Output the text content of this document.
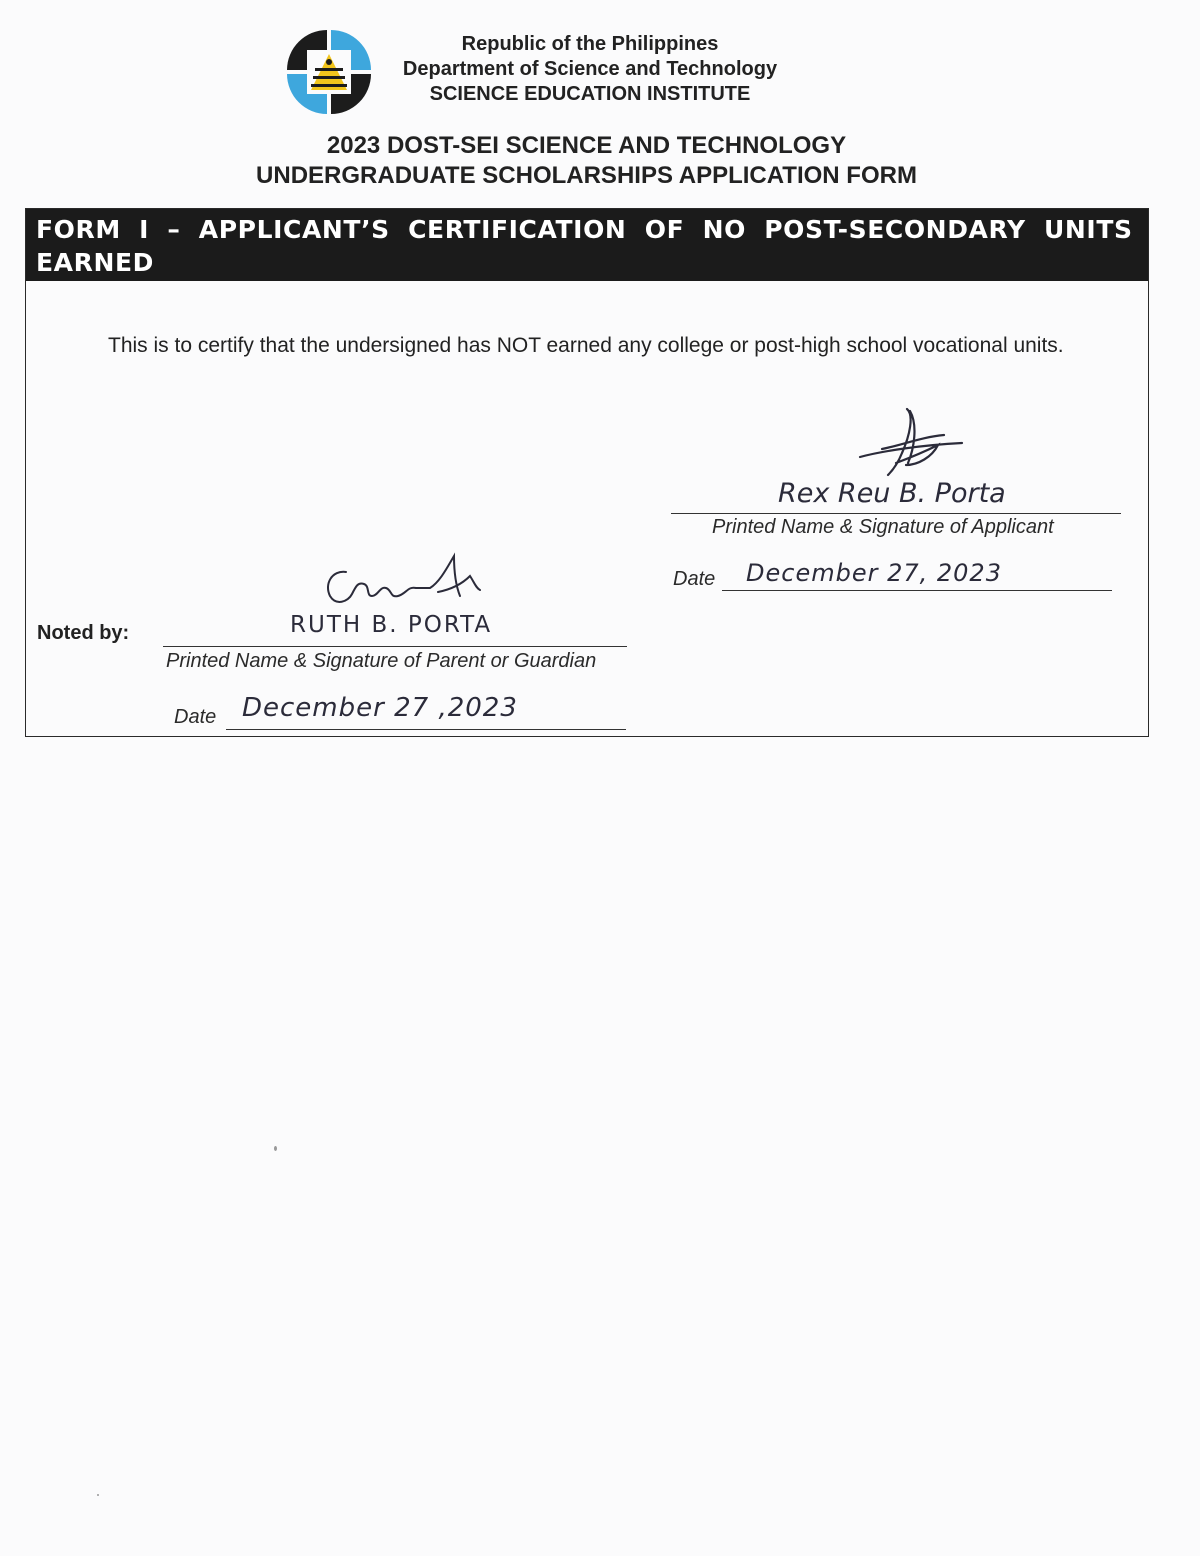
Republic of the Philippines
Department of Science and Technology
SCIENCE EDUCATION INSTITUTE
2023 DOST-SEI SCIENCE AND TECHNOLOGY
UNDERGRADUATE SCHOLARSHIPS APPLICATION FORM
FORM I – APPLICANT’S CERTIFICATION OF NO POST-SECONDARY UNITS EARNED
This is to certify that the undersigned has NOT earned any college or post-high school vocational units.
Rex Reu B. Porta
Printed Name & Signature of Applicant
Date December 27, 2023
Noted by:	RUTH B. PORTA
Printed Name & Signature of Parent or Guardian
Date December 27 ,2023
